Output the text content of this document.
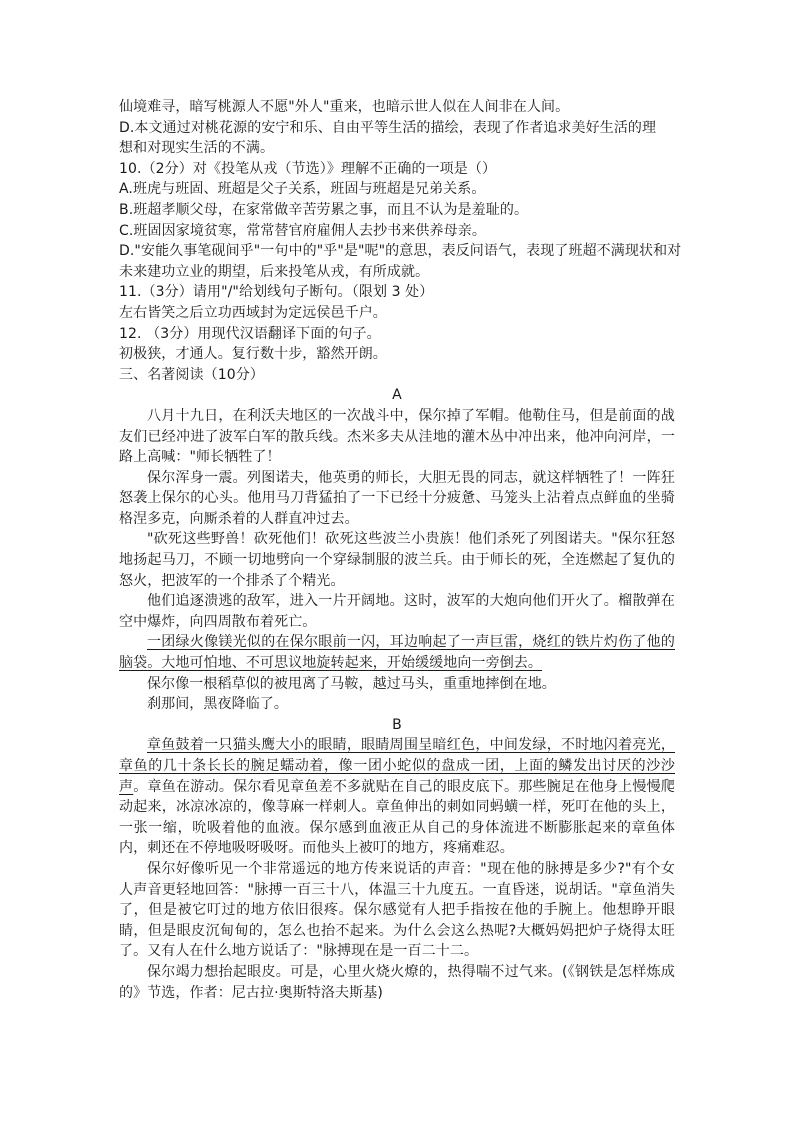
仙境难寻，暗写桃源人不愿"外人"重来，也暗示世人似在人间非在人间。

D.本文通过对桃花源的安宁和乐、自由平等生活的描绘，表现了作者追求美好生活的理

想和对现实生活的不满。

10.（2分）对《投笔从戎（节选）》理解不正确的一项是（）

A.班虎与班固、班超是父子关系，班固与班超是兄弟关系。

B.班超孝顺父母，在家常做辛苦劳累之事，而且不认为是羞耻的。

C.班固因家境贫寒，常常替官府雇佣人去抄书来供养母亲。

D."安能久事笔砚间乎"一句中的"乎"是"呢"的意思，表反问语气，表现了班超不满现状和对

未来建功立业的期望，后来投笔从戎，有所成就。

11.（3分）请用"/"给划线句子断句。（限划 3 处）

左右皆笑之后立功西域封为定远侯邑千户。

12. （3分）用现代汉语翻译下面的句子。

初极狭，才通人。复行数十步，豁然开朗。

三、名著阅读（10分）

A

八月十九日，在利沃夫地区的一次战斗中，保尔掉了军帽。他勒住马，但是前面的战友们已经冲进了波军白军的散兵线。杰米多夫从洼地的灌木丛中冲出来，他冲向河岸，一路上高喊："师长牺牲了！

保尔浑身一震。列图诺夫，他英勇的师长，大胆无畏的同志，就这样牺牲了！一阵狂怒袭上保尔的心头。他用马刀背猛拍了一下已经十分疲惫、马笼头上沾着点点鲜血的坐骑格涅多克，向厮杀着的人群直冲过去。

"砍死这些野兽！砍死他们！砍死这些波兰小贵族！他们杀死了列图诺夫。"保尔狂怒地扬起马刀，不顾一切地劈向一个穿绿制服的波兰兵。由于师长的死，全连燃起了复仇的怒火，把波军的一个排杀了个精光。

他们追逐溃逃的敌军，进入一片开阔地。这时，波军的大炮向他们开火了。榴散弹在空中爆炸，向四周散布着死亡。

一团绿火像镁光似的在保尔眼前一闪，耳边响起了一声巨雷，烧红的铁片灼伤了他的脑袋。大地可怕地、不可思议地旋转起来，开始缓缓地向一旁倒去。

保尔像一根稻草似的被甩离了马鞍，越过马头，重重地摔倒在地。

刹那间，黑夜降临了。

B

章鱼鼓着一只猫头鹰大小的眼睛，眼睛周围呈暗红色，中间发绿，不时地闪着亮光，章鱼的几十条长长的腕足蠕动着，像一团小蛇似的盘成一团，上面的鳞发出讨厌的沙沙声。章鱼在游动。保尔看见章鱼差不多就贴在自己的眼皮底下。那些腕足在他身上慢慢爬动起来，冰凉冰凉的，像荨麻一样刺人。章鱼伸出的刺如同蚂蟥一样，死叮在他的头上，一张一缩，吮吸着他的血液。保尔感到血液正从自己的身体流进不断膨胀起来的章鱼体内，刺还在不停地吸呀吸呀。而他头上被叮的地方，疼痛难忍。

保尔好像听见一个非常遥远的地方传来说话的声音："现在他的脉搏是多少?"有个女人声音更轻地回答："脉搏一百三十八，体温三十九度五。一直昏迷，说胡话。"章鱼消失了，但是被它叮过的地方依旧很疼。保尔感觉有人把手指按在他的手腕上。他想睁开眼睛，但是眼皮沉甸甸的，怎么也抬不起来。为什么会这么热呢?大概妈妈把炉子烧得太旺了。又有人在什么地方说话了："脉搏现在是一百二十二。

保尔竭力想抬起眼皮。可是，心里火烧火燎的，热得喘不过气来。(《钢铁是怎样炼成的》节选，作者：尼古拉·奥斯特洛夫斯基)
